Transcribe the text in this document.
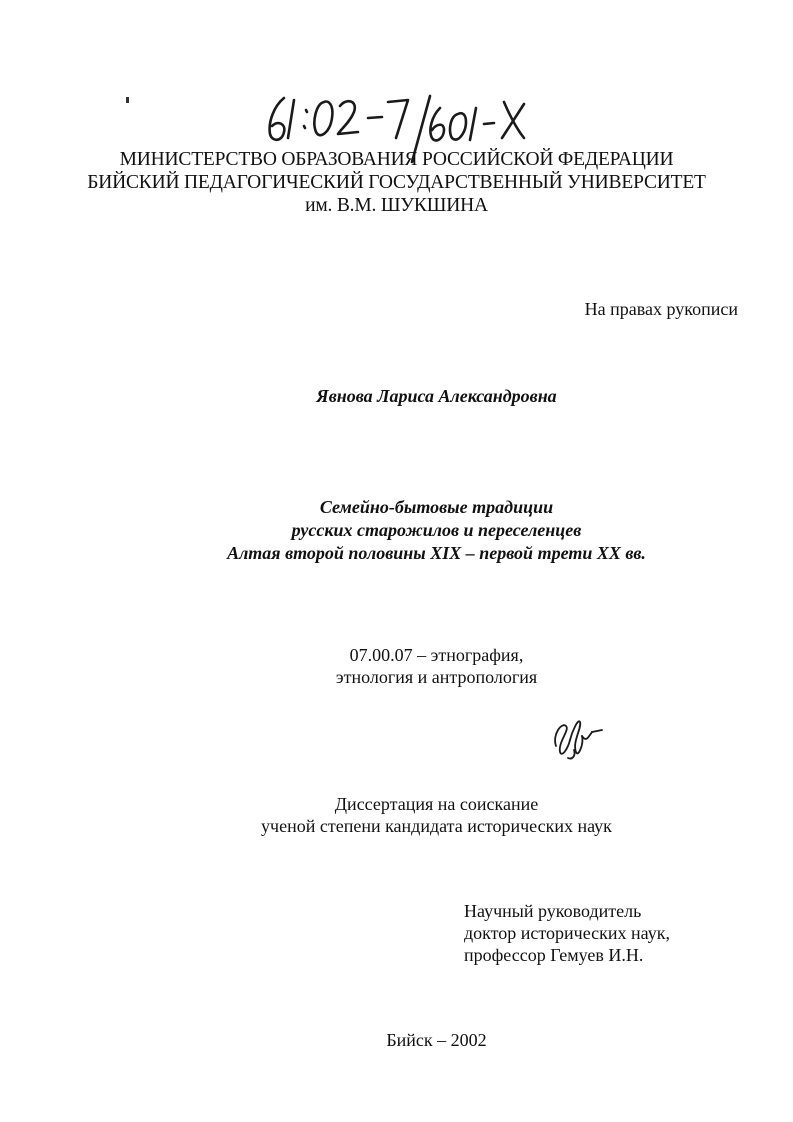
МИНИСТЕРСТВО ОБРАЗОВАНИЯ РОССИЙСКОЙ ФЕДЕРАЦИИ
БИЙСКИЙ ПЕДАГОГИЧЕСКИЙ ГОСУДАРСТВЕННЫЙ УНИВЕРСИТЕТ
им. В.М. ШУКШИНА
На правах рукописи
Явнова Лариса Александровна
Семейно-бытовые традиции
русских старожилов и переселенцев
Алтая второй половины XIX – первой трети XX вв.
07.00.07 – этнография,
этнология и антропология
Диссертация на соискание
ученой степени кандидата исторических наук
Научный руководитель
доктор исторических наук,
профессор Гемуев И.Н.
Бийск – 2002
